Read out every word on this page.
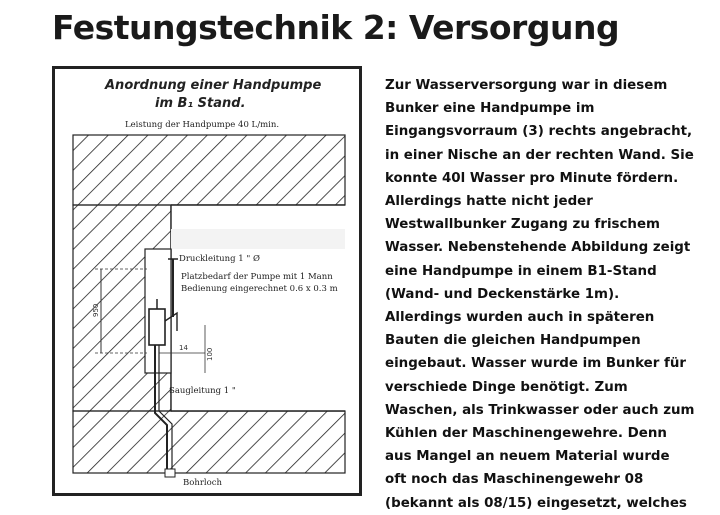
Festungstechnik 2: Versorgung
950
14	100
Anordnung einer Handpumpe
im B₁ Stand.
Leistung der Handpumpe 40 L/min.
Druckleitung 1 " Ø
Platzbedarf der Pumpe mit 1 Mann
Bedienung eingerechnet 0.6 x 0.3 m
Saugleitung 1 "
Bohrloch
Zur Wasserversorgung war in diesem
Bunker eine Handpumpe im
Eingangsvorraum (3) rechts angebracht,
in einer Nische an der rechten Wand. Sie
konnte 40l Wasser pro Minute fördern.
Allerdings hatte nicht jeder
Westwallbunker Zugang zu frischem
Wasser. Nebenstehende Abbildung zeigt
eine Handpumpe in einem B1-Stand
(Wand- und Deckenstärke 1m).
Allerdings wurden auch in späteren
Bauten die gleichen Handpumpen
eingebaut. Wasser wurde im Bunker für
verschiede Dinge benötigt. Zum
Waschen, als Trinkwasser oder auch zum
Kühlen der Maschinengewehre. Denn
aus Mangel an neuem Material wurde
oft noch das Maschinengewehr 08
(bekannt als 08/15) eingesetzt, welches
